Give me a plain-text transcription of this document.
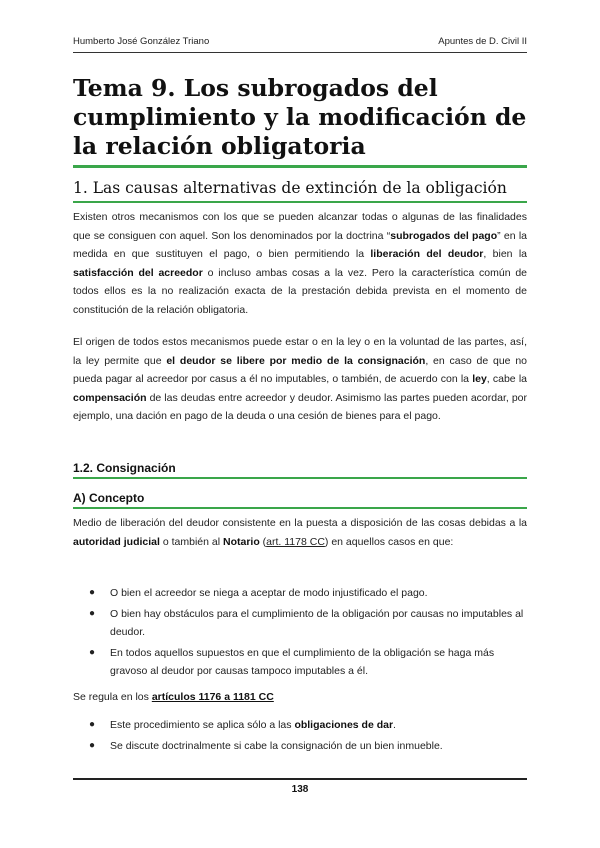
Humberto José González Triano	Apuntes de D. Civil II
Tema 9. Los subrogados del cumplimiento y la modificación de la relación obligatoria
1. Las causas alternativas de extinción de la obligación

Existen otros mecanismos con los que se pueden alcanzar todas o algunas de las finalidades que se consiguen con aquel. Son los denominados por la doctrina “subrogados del pago” en la medida en que sustituyen el pago, o bien permitiendo la liberación del deudor, bien la satisfacción del acreedor o incluso ambas cosas a la vez. Pero la característica común de todos ellos es la no realización exacta de la prestación debida prevista en el momento de constitución de la relación obligatoria.

El origen de todos estos mecanismos puede estar o en la ley o en la voluntad de las partes, así, la ley permite que el deudor se libere por medio de la consignación, en caso de que no pueda pagar al acreedor por casus a él no imputables, o también, de acuerdo con la ley, cabe la compensación de las deudas entre acreedor y deudor. Asimismo las partes pueden acordar, por ejemplo, una dación en pago de la deuda o una cesión de bienes para el pago.

1.2. Consignación
A) Concepto

Medio de liberación del deudor consistente en la puesta a disposición de las cosas debidas a la autoridad judicial o también al Notario (art. 1178 CC) en aquellos casos en que:

● O bien el acreedor se niega a aceptar de modo injustificado el pago.
● O bien hay obstáculos para el cumplimiento de la obligación por causas no imputables al deudor.
● En todos aquellos supuestos en que el cumplimiento de la obligación se haga más gravoso al deudor por causas tampoco imputables a él.

Se regula en los artículos 1176 a 1181 CC

● Este procedimiento se aplica sólo a las obligaciones de dar.
● Se discute doctrinalmente si cabe la consignación de un bien inmueble.
138
